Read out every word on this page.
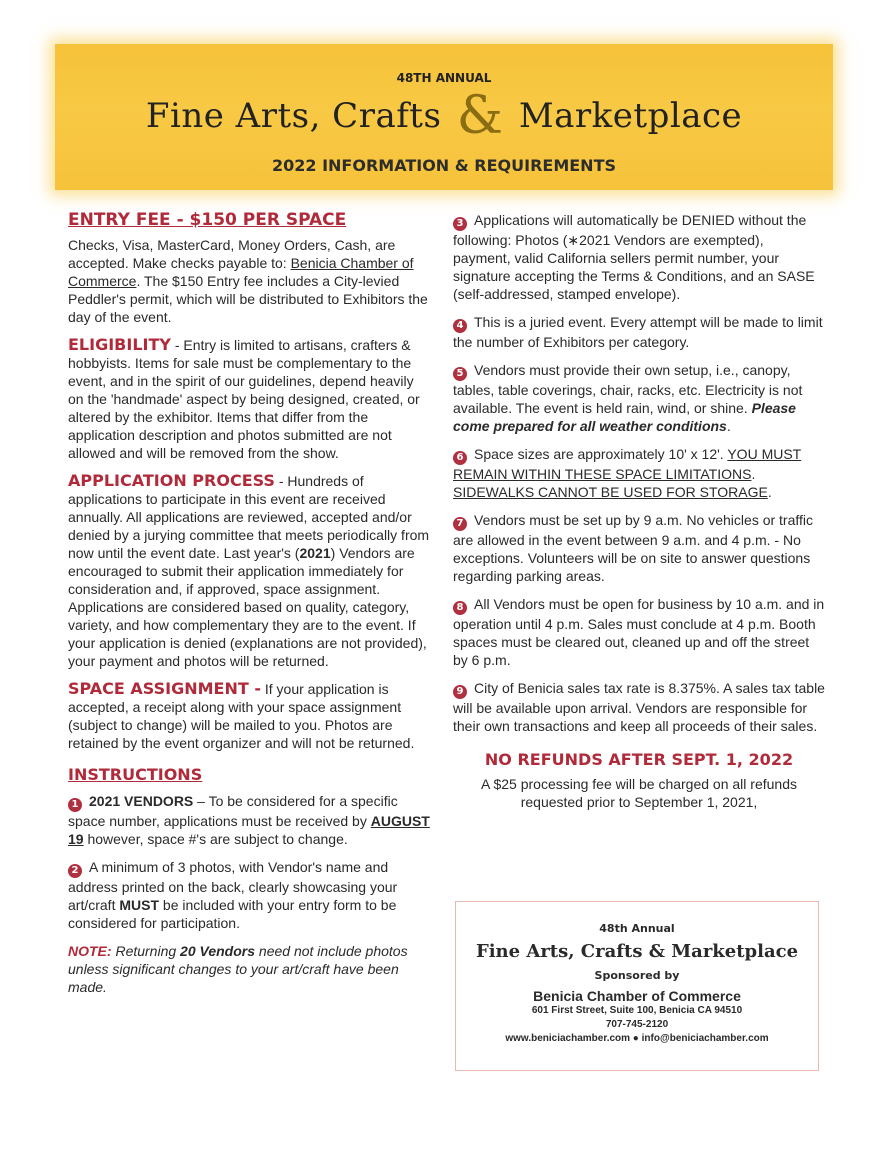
48TH ANNUAL
Fine Arts, Crafts & Marketplace
2022 INFORMATION & REQUIREMENTS
ENTRY FEE - $150 PER SPACE

Checks, Visa, MasterCard, Money Orders, Cash, are accepted. Make checks payable to: Benicia Chamber of Commerce. The $150 Entry fee includes a City-levied Peddler's permit, which will be distributed to Exhibitors the day of the event.

ELIGIBILITY - Entry is limited to artisans, crafters & hobbyists. Items for sale must be complementary to the event, and in the spirit of our guidelines, depend heavily on the 'handmade' aspect by being designed, created, or altered by the exhibitor. Items that differ from the application description and photos submitted are not allowed and will be removed from the show.

APPLICATION PROCESS - Hundreds of applications to participate in this event are received annually. All applications are reviewed, accepted and/or denied by a jurying committee that meets periodically from now until the event date. Last year's (2021) Vendors are encouraged to submit their application immediately for consideration and, if approved, space assignment. Applications are considered based on quality, category, variety, and how complementary they are to the event. If your application is denied (explanations are not provided), your payment and photos will be returned.

SPACE ASSIGNMENT - If your application is accepted, a receipt along with your space assignment (subject to change) will be mailed to you. Photos are retained by the event organizer and will not be returned.

INSTRUCTIONS

1 2021 VENDORS – To be considered for a specific space number, applications must be received by AUGUST 19 however, space #'s are subject to change.

2 A minimum of 3 photos, with Vendor's name and address printed on the back, clearly showcasing your art/craft MUST be included with your entry form to be considered for participation.

NOTE: Returning 20 Vendors need not include photos unless significant changes to your art/craft have been made.

3 Applications will automatically be DENIED without the following: Photos (∗2021 Vendors are exempted), payment, valid California sellers permit number, your signature accepting the Terms & Conditions, and an SASE (self-addressed, stamped envelope).

4 This is a juried event. Every attempt will be made to limit the number of Exhibitors per category.

5 Vendors must provide their own setup, i.e., canopy, tables, table coverings, chair, racks, etc. Electricity is not available. The event is held rain, wind, or shine. Please come prepared for all weather conditions.

6 Space sizes are approximately 10' x 12'. YOU MUST REMAIN WITHIN THESE SPACE LIMITATIONS.
SIDEWALKS CANNOT BE USED FOR STORAGE.

7 Vendors must be set up by 9 a.m. No vehicles or traffic are allowed in the event between 9 a.m. and 4 p.m. - No exceptions. Volunteers will be on site to answer questions regarding parking areas.

8 All Vendors must be open for business by 10 a.m. and in operation until 4 p.m. Sales must conclude at 4 p.m. Booth spaces must be cleared out, cleaned up and off the street by 6 p.m.

9 City of Benicia sales tax rate is 8.375%. A sales tax table will be available upon arrival. Vendors are responsible for their own transactions and keep all proceeds of their sales.

NO REFUNDS AFTER SEPT. 1, 2022
A $25 processing fee will be charged on all refunds requested prior to September 1, 2021,
48th Annual
Fine Arts, Crafts & Marketplace
Sponsored by
Benicia Chamber of Commerce
601 First Street, Suite 100, Benicia CA 94510
707-745-2120
www.beniciachamber.com ● info@beniciachamber.com
